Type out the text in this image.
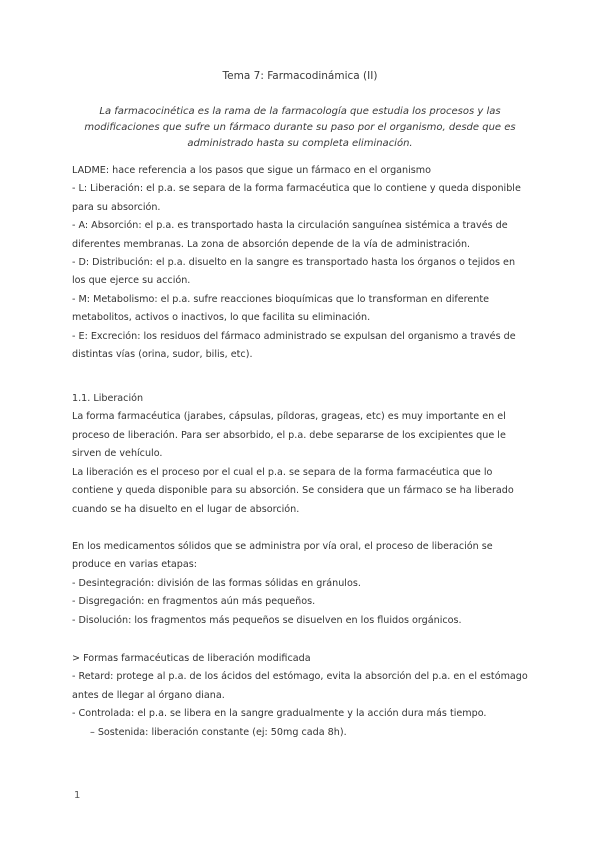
Tema 7: Farmacodinámica (II)
La farmacocinética es la rama de la farmacología que estudia los procesos y las modificaciones que sufre un fármaco durante su paso por el organismo, desde que es administrado hasta su completa eliminación.

LADME: hace referencia a los pasos que sigue un fármaco en el organismo

- L: Liberación: el p.a. se separa de la forma farmacéutica que lo contiene y queda disponible para su absorción.

- A: Absorción: el p.a. es transportado hasta la circulación sanguínea sistémica a través de diferentes membranas. La zona de absorción depende de la vía de administración.

- D: Distribución: el p.a. disuelto en la sangre es transportado hasta los órganos o tejidos en los que ejerce su acción.

- M: Metabolismo: el p.a. sufre reacciones bioquímicas que lo transforman en diferente metabolitos, activos o inactivos, lo que facilita su eliminación.

- E: Excreción: los residuos del fármaco administrado se expulsan del organismo a través de distintas vías (orina, sudor, bilis, etc).

1.1. Liberación

La forma farmacéutica (jarabes, cápsulas, píldoras, grageas, etc) es muy importante en el proceso de liberación. Para ser absorbido, el p.a. debe separarse de los excipientes que le sirven de vehículo.

La liberación es el proceso por el cual el p.a. se separa de la forma farmacéutica que lo contiene y queda disponible para su absorción. Se considera que un fármaco se ha liberado cuando se ha disuelto en el lugar de absorción.

En los medicamentos sólidos que se administra por vía oral, el proceso de liberación se produce en varias etapas:

- Desintegración: división de las formas sólidas en gránulos.

- Disgregación: en fragmentos aún más pequeños.

- Disolución: los fragmentos más pequeños se disuelven en los fluidos orgánicos.

> Formas farmacéuticas de liberación modificada

- Retard: protege al p.a. de los ácidos del estómago, evita la absorción del p.a. en el estómago antes de llegar al órgano diana.

- Controlada: el p.a. se libera en la sangre gradualmente y la acción dura más tiempo.

– Sostenida: liberación constante (ej: 50mg cada 8h).

1
